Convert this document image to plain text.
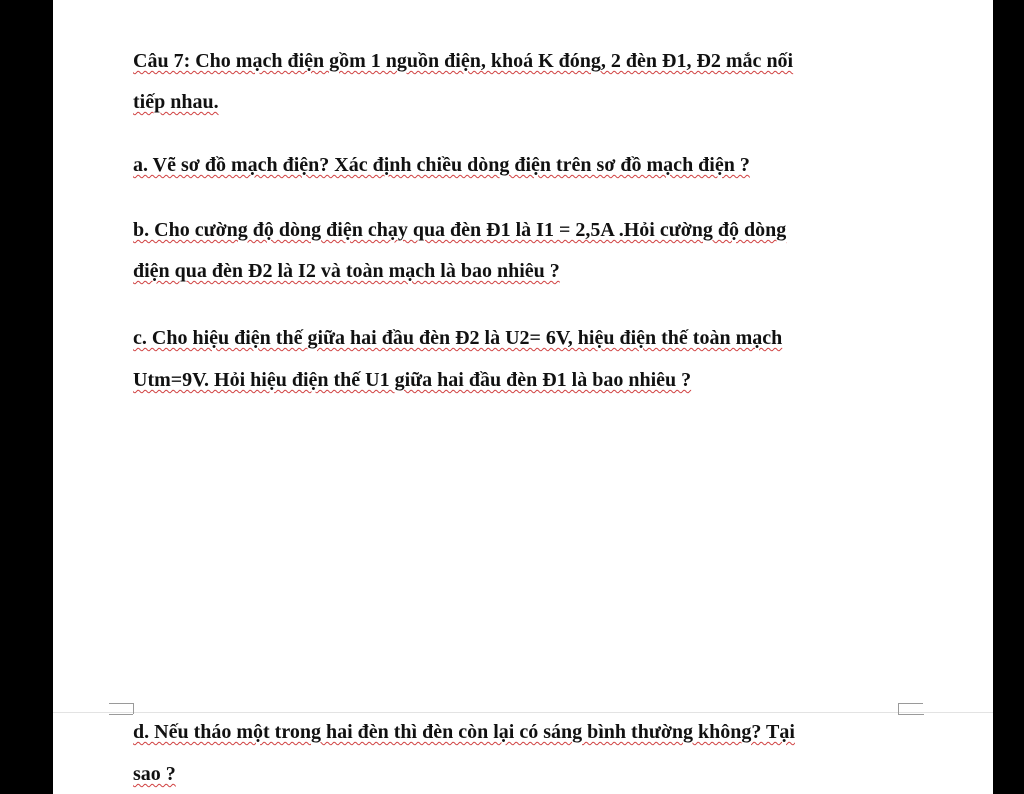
Câu 7: Cho mạch điện gồm 1 nguồn điện, khoá K đóng, 2 đèn Đ1, Đ2 mắc nối
tiếp nhau.
a. Vẽ sơ đồ mạch điện? Xác định chiều dòng điện trên sơ đồ mạch điện ?
b. Cho cường độ dòng điện chạy qua đèn Đ1 là I1 = 2,5A .Hỏi cường độ dòng
điện qua đèn Đ2 là I2 và toàn mạch là bao nhiêu ?
c. Cho hiệu điện thế giữa hai đầu đèn Đ2 là U2= 6V, hiệu điện thế toàn mạch
Utm=9V. Hỏi hiệu điện thế U1 giữa hai đầu đèn Đ1 là bao nhiêu ?
d. Nếu tháo một trong hai đèn thì đèn còn lại có sáng bình thường không? Tại
sao ?
